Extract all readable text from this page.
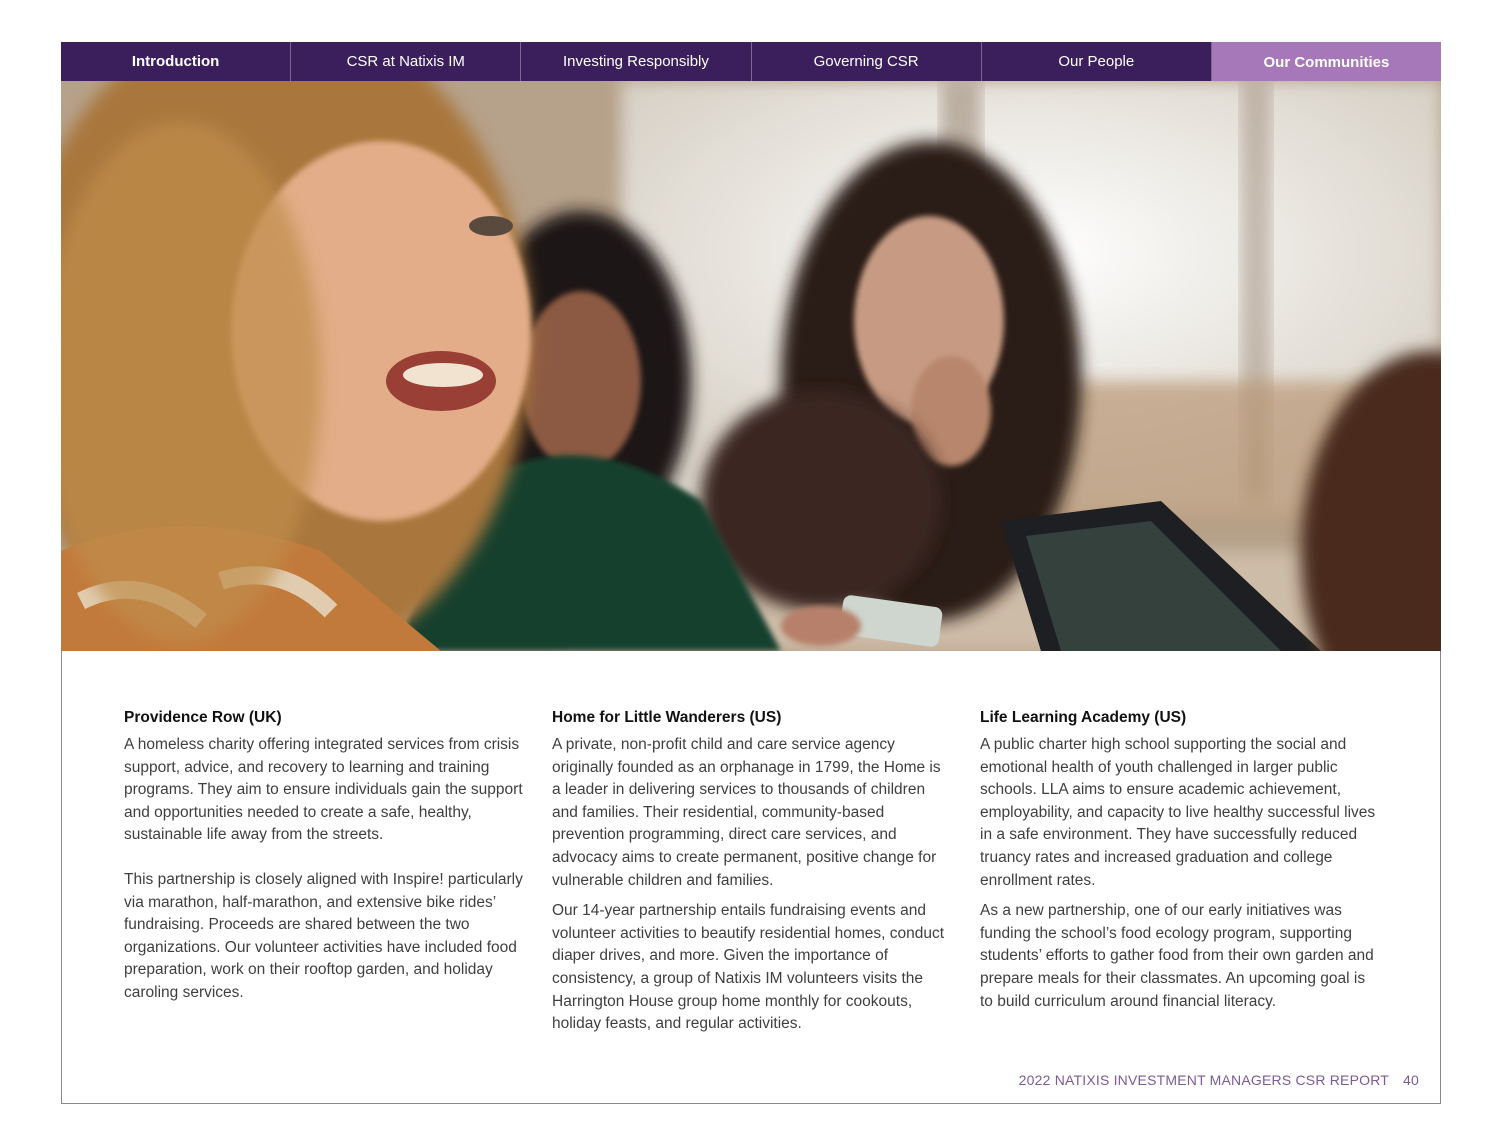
Introduction	CSR at Natixis IM	Investing Responsibly	Governing CSR	Our People	Our Communities
Providence Row (UK)

A homeless charity offering integrated services from crisis support, advice, and recovery to learning and training programs. They aim to ensure individuals gain the support and opportunities needed to create a safe, healthy, sustainable life away from the streets.

This partnership is closely aligned with Inspire! particularly via marathon, half-marathon, and extensive bike rides’ fundraising. Proceeds are shared between the two organizations. Our volunteer activities have included food preparation, work on their rooftop garden, and holiday caroling services.

Home for Little Wanderers (US)

A private, non-profit child and care service agency originally founded as an orphanage in 1799, the Home is a leader in delivering services to thousands of children and families. Their residential, community-based prevention programming, direct care services, and advocacy aims to create permanent, positive change for vulnerable children and families.

Our 14-year partnership entails fundraising events and volunteer activities to beautify residential homes, conduct diaper drives, and more. Given the importance of consistency, a group of Natixis IM volunteers visits the Harrington House group home monthly for cookouts, holiday feasts, and regular activities.

Life Learning Academy (US)

A public charter high school supporting the social and emotional health of youth challenged in larger public schools. LLA aims to ensure academic achievement, employability, and capacity to live healthy successful lives in a safe environment. They have successfully reduced truancy rates and increased graduation and college enrollment rates.

As a new partnership, one of our early initiatives was funding the school’s food ecology program, supporting students’ efforts to gather food from their own garden and prepare meals for their classmates. An upcoming goal is to build curriculum around financial literacy.

2022 NATIXIS INVESTMENT MANAGERS CSR REPORT 40
